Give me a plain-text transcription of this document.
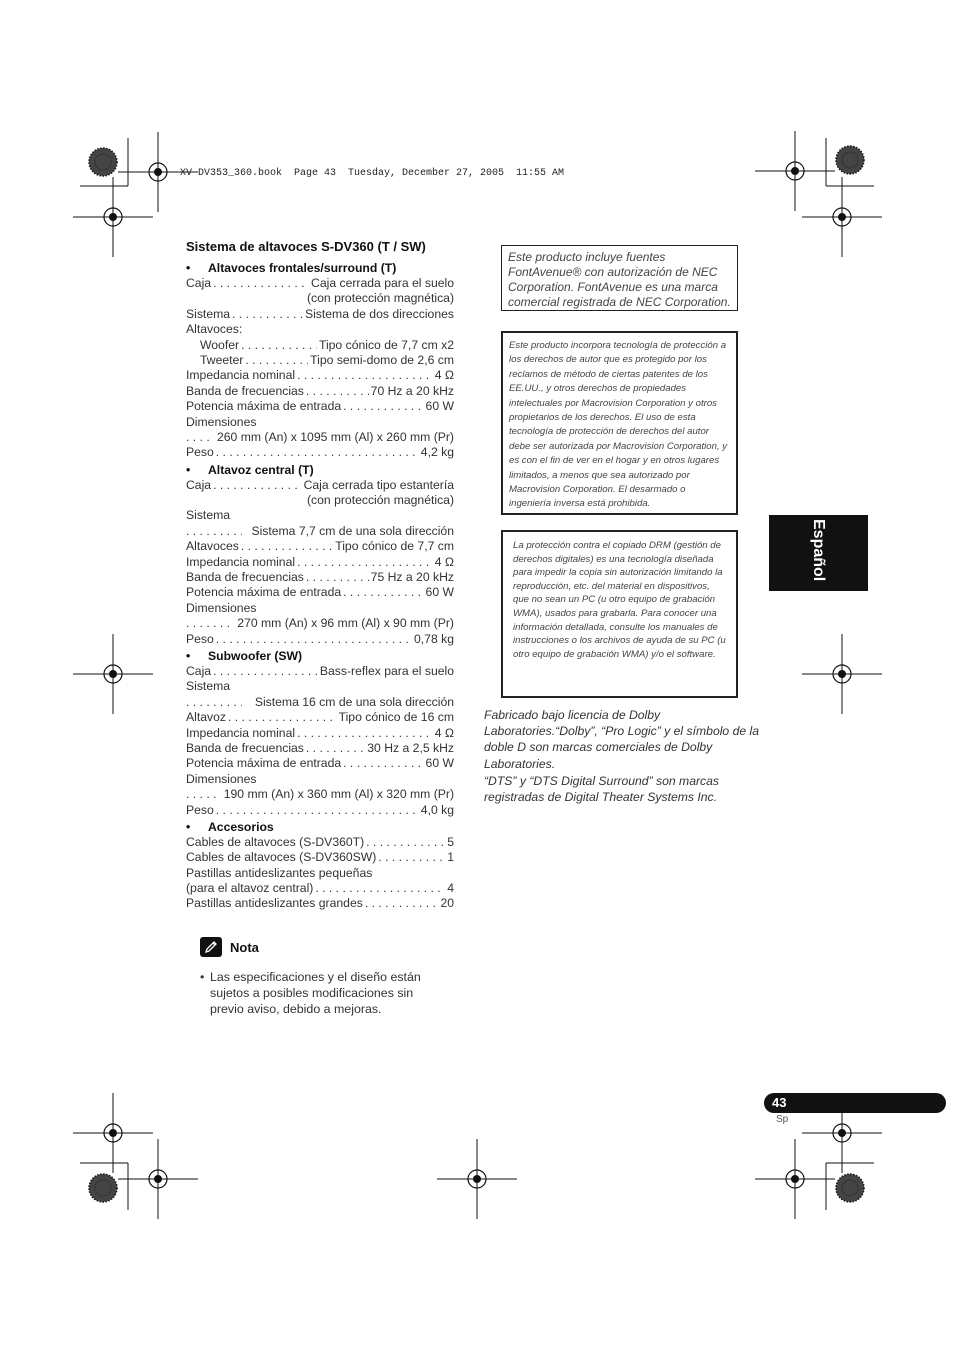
XV-DV353_360.book  Page 43  Tuesday, December 27, 2005  11:55 AM
Sistema de altavoces S-DV360 (T / SW)
• Altavoces frontales/surround (T)
Caja . . .	Caja cerrada para el suelo
(con protección magnética)
Sistema . . .	Sistema de dos direcciones
Altavoces:
Woofer . . .	Tipo cónico de 7,7 cm x2
Tweeter . . .	Tipo semi-domo de 2,6 cm
Impedancia nominal . . .	4 Ω
Banda de frecuencias . . .	70 Hz a 20 kHz
Potencia máxima de entrada . . .	60 W
Dimensiones
. . .
260 mm (An) x 1095 mm (Al) x 260 mm (Pr)
Peso . . .	4,2 kg
• Altavoz central (T)
Caja . . .	Caja cerrada tipo estantería
(con protección magnética)
Sistema
. . .
Sistema 7,7 cm de una sola dirección
Altavoces . . .	Tipo cónico de 7,7 cm
Impedancia nominal . . .	4 Ω
Banda de frecuencias . . .	75 Hz a 20 kHz
Potencia máxima de entrada . . .	60 W
Dimensiones
. . .
270 mm (An) x 96 mm (Al) x 90 mm (Pr)
Peso . . .	0,78 kg
• Subwoofer (SW)
Caja . . .	Bass-reflex para el suelo
Sistema
. . .
Sistema 16 cm de una sola dirección
Altavoz . . .	Tipo cónico de 16 cm
Impedancia nominal . . .	4 Ω
Banda de frecuencias . . .	30 Hz a 2,5 kHz
Potencia máxima de entrada . . .	60 W
Dimensiones
. . .
190 mm (An) x 360 mm (Al) x 320 mm (Pr)
Peso . . .	4,0 kg
• Accesorios
Cables de altavoces (S-DV360T) . . .	5
Cables de altavoces (S-DV360SW) . . .	1
Pastillas antideslizantes pequeñas
(para el altavoz central) . . .	4
Pastillas antideslizantes grandes . . .	20
Nota
• Las especificaciones y el diseño están sujetos a posibles modificaciones sin previo aviso, debido a mejoras.

Este producto incluye fuentes FontAvenue® con autorización de NEC Corporation. FontAvenue es una marca comercial registrada de NEC Corporation.

Este producto incorpora tecnología de protección a los derechos de autor que es protegido por los reclamos de método de ciertas patentes de los EE.UU., y otros derechos de propiedades intelectuales por Macrovision Corporation y otros propietarios de los derechos. El uso de esta tecnología de protección de derechos del autor debe ser autorizada por Macrovision Corporation, y es con el fin de ver en el hogar y en otros lugares limitados, a menos que sea autorizado por Macrovision Corporation. El desarmado o ingeniería inversa está prohibida.

La protección contra el copiado DRM (gestión de derechos digitales) es una tecnología diseñada para impedir la copia sin autorización limitando la reproducción, etc. del material en dispositivos, que no sean un PC (u otro equipo de grabación WMA), usados para grabarla. Para conocer una información detallada, consulte los manuales de instrucciones o los archivos de ayuda de su PC (u otro equipo de grabación WMA) y/o el software.

Fabricado bajo licencia de Dolby Laboratories.“Dolby”, “Pro Logic” y el símbolo de la doble D son marcas comerciales de Dolby Laboratories.

“DTS” y “DTS Digital Surround” son marcas registradas de Digital Theater Systems Inc.

Español
43
Sp
